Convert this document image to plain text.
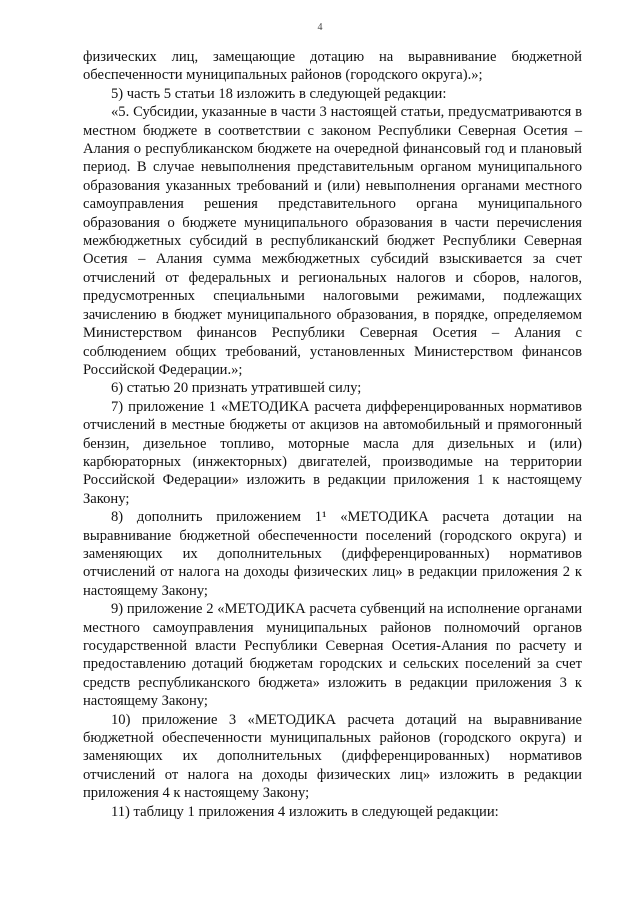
4

физических лиц, замещающие дотацию на выравнивание бюджетной обеспеченности муниципальных районов (городского округа).»;

5) часть 5 статьи 18 изложить в следующей редакции:

«5. Субсидии, указанные в части 3 настоящей статьи, предусматриваются в местном бюджете в соответствии с законом Республики Северная Осетия – Алания о республиканском бюджете на очередной финансовый год и плановый период. В случае невыполнения представительным органом муниципального образования указанных требований и (или) невыполнения органами местного самоуправления решения представительного органа муниципального образования о бюджете муниципального образования в части перечисления межбюджетных субсидий в республиканский бюджет Республики Северная Осетия – Алания сумма межбюджетных субсидий взыскивается за счет отчислений от федеральных и региональных налогов и сборов, налогов, предусмотренных специальными налоговыми режимами, подлежащих зачислению в бюджет муниципального образования, в порядке, определяемом Министерством финансов Республики Северная Осетия – Алания с соблюдением общих требований, установленных Министерством финансов Российской Федерации.»;

6) статью 20 признать утратившей силу;

7) приложение 1 «МЕТОДИКА расчета дифференцированных нормативов отчислений в местные бюджеты от акцизов на автомобильный и прямогонный бензин, дизельное топливо, моторные масла для дизельных и (или) карбюраторных (инжекторных) двигателей, производимые на территории Российской Федерации» изложить в редакции приложения 1 к настоящему Закону;

8) дополнить приложением 1¹ «МЕТОДИКА расчета дотации на выравнивание бюджетной обеспеченности поселений (городского округа) и заменяющих их дополнительных (дифференцированных) нормативов отчислений от налога на доходы физических лиц» в редакции приложения 2 к настоящему Закону;

9) приложение 2 «МЕТОДИКА расчета субвенций на исполнение органами местного самоуправления муниципальных районов полномочий органов государственной власти Республики Северная Осетия-Алания по расчету и предоставлению дотаций бюджетам городских и сельских поселений за счет средств республиканского бюджета» изложить в редакции приложения 3 к настоящему Закону;

10) приложение 3 «МЕТОДИКА расчета дотаций на выравнивание бюджетной обеспеченности муниципальных районов (городского округа) и заменяющих их дополнительных (дифференцированных) нормативов отчислений от налога на доходы физических лиц» изложить в редакции приложения 4 к настоящему Закону;

11) таблицу 1 приложения 4 изложить в следующей редакции:
